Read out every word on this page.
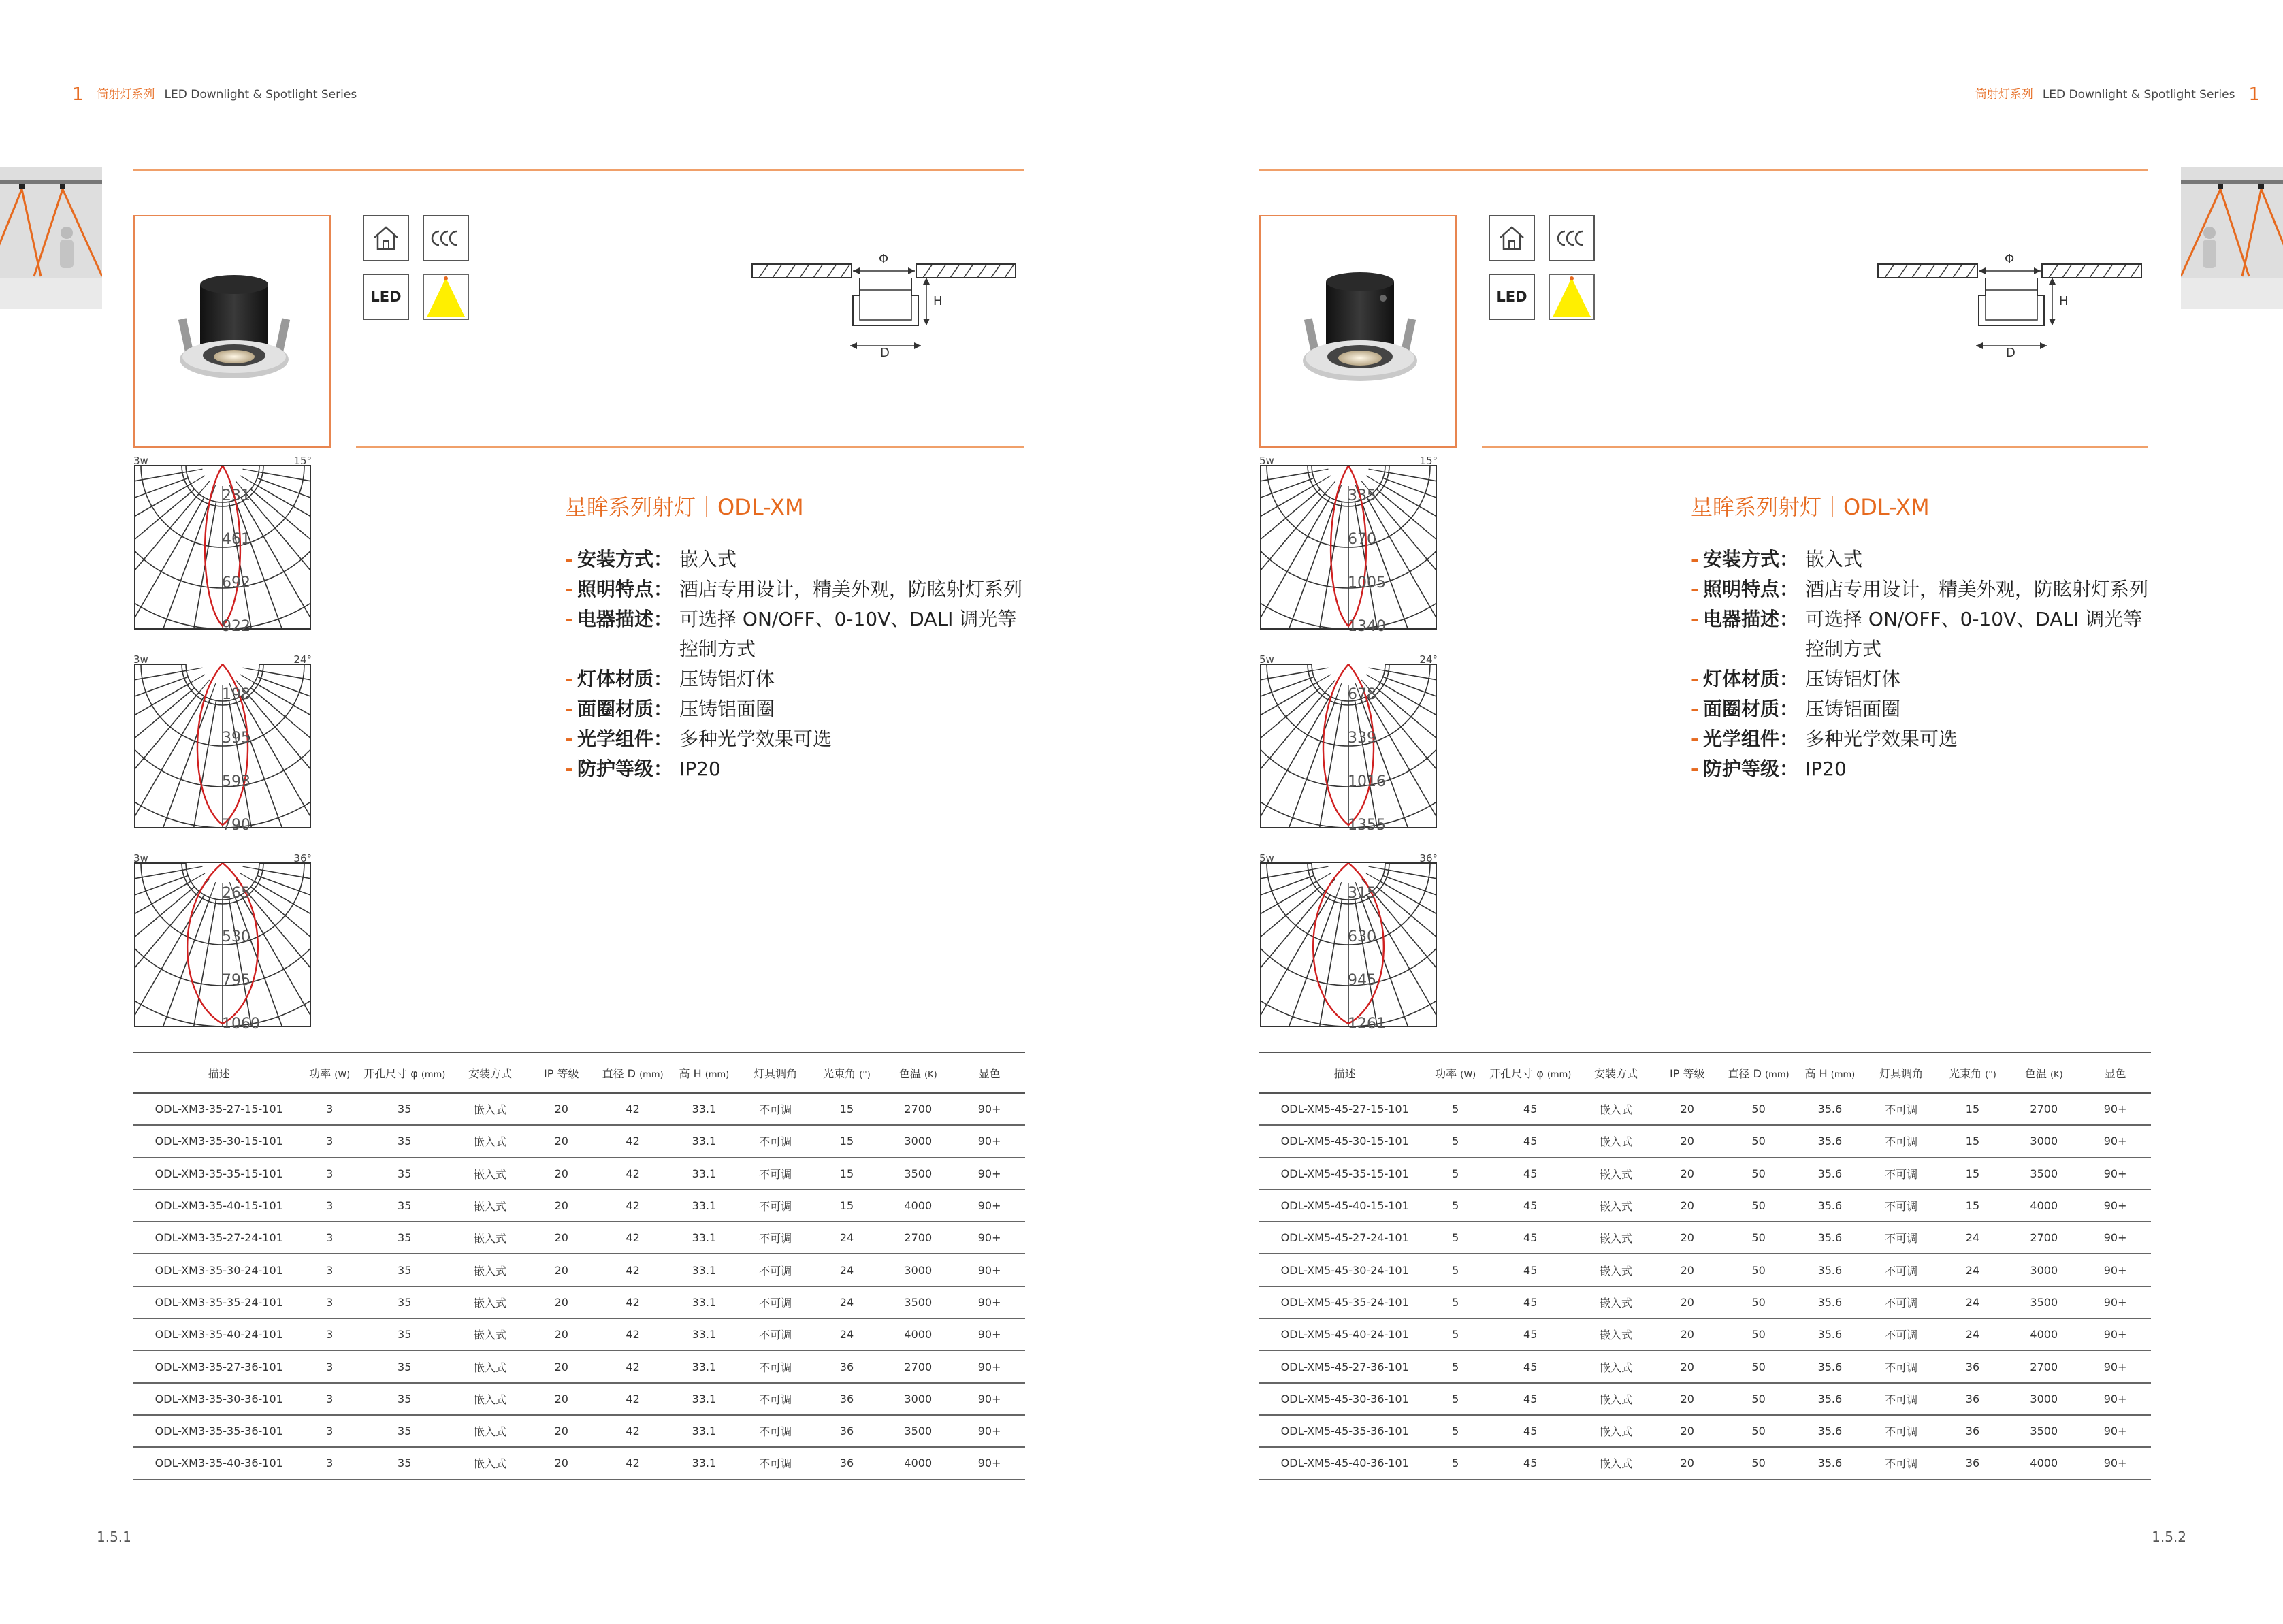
1 筒射灯系列 LED Downlight & Spotlight Series
LED
Φ
H
D
3w	15°
231
461
692
922
3w	24°
198
395
593
790
3w	36°
265
530
795
1060
星眸系列射灯｜ODL-XM
- 安装方式： 嵌入式
- 照明特点： 酒店专用设计，精美外观，防眩射灯系列
- 电器描述： 可选择 ON/OFF、0-10V、DALI 调光等控制方式
- 灯体材质： 压铸铝灯体
- 面圈材质： 压铸铝面圈
- 光学组件： 多种光学效果可选
- 防护等级： IP20
描述	功率 (W)	开孔尺寸 φ (mm)	安装方式	IP 等级	直径 D (mm)	高 H (mm)	灯具调角	光束角 (°)	色温 (K)	显色
ODL-XM3-35-27-15-101	3	35	嵌入式	20	42	33.1	不可调	15	2700	90+
ODL-XM3-35-30-15-101	3	35	嵌入式	20	42	33.1	不可调	15	3000	90+
ODL-XM3-35-35-15-101	3	35	嵌入式	20	42	33.1	不可调	15	3500	90+
ODL-XM3-35-40-15-101	3	35	嵌入式	20	42	33.1	不可调	15	4000	90+
ODL-XM3-35-27-24-101	3	35	嵌入式	20	42	33.1	不可调	24	2700	90+
ODL-XM3-35-30-24-101	3	35	嵌入式	20	42	33.1	不可调	24	3000	90+
ODL-XM3-35-35-24-101	3	35	嵌入式	20	42	33.1	不可调	24	3500	90+
ODL-XM3-35-40-24-101	3	35	嵌入式	20	42	33.1	不可调	24	4000	90+
ODL-XM3-35-27-36-101	3	35	嵌入式	20	42	33.1	不可调	36	2700	90+
ODL-XM3-35-30-36-101	3	35	嵌入式	20	42	33.1	不可调	36	3000	90+
ODL-XM3-35-35-36-101	3	35	嵌入式	20	42	33.1	不可调	36	3500	90+
ODL-XM3-35-40-36-101	3	35	嵌入式	20	42	33.1	不可调	36	4000	90+
1.5.1
筒射灯系列 LED Downlight & Spotlight Series 1
LED
Φ
H
D
5w	15°
335
670
1005
1340
5w	24°
678
339
1016
1355
5w	36°
315
630
945
1261
星眸系列射灯｜ODL-XM
- 安装方式： 嵌入式
- 照明特点： 酒店专用设计，精美外观，防眩射灯系列
- 电器描述： 可选择 ON/OFF、0-10V、DALI 调光等控制方式
- 灯体材质： 压铸铝灯体
- 面圈材质： 压铸铝面圈
- 光学组件： 多种光学效果可选
- 防护等级： IP20
描述	功率 (W)	开孔尺寸 φ (mm)	安装方式	IP 等级	直径 D (mm)	高 H (mm)	灯具调角	光束角 (°)	色温 (K)	显色
ODL-XM5-45-27-15-101	5	45	嵌入式	20	50	35.6	不可调	15	2700	90+
ODL-XM5-45-30-15-101	5	45	嵌入式	20	50	35.6	不可调	15	3000	90+
ODL-XM5-45-35-15-101	5	45	嵌入式	20	50	35.6	不可调	15	3500	90+
ODL-XM5-45-40-15-101	5	45	嵌入式	20	50	35.6	不可调	15	4000	90+
ODL-XM5-45-27-24-101	5	45	嵌入式	20	50	35.6	不可调	24	2700	90+
ODL-XM5-45-30-24-101	5	45	嵌入式	20	50	35.6	不可调	24	3000	90+
ODL-XM5-45-35-24-101	5	45	嵌入式	20	50	35.6	不可调	24	3500	90+
ODL-XM5-45-40-24-101	5	45	嵌入式	20	50	35.6	不可调	24	4000	90+
ODL-XM5-45-27-36-101	5	45	嵌入式	20	50	35.6	不可调	36	2700	90+
ODL-XM5-45-30-36-101	5	45	嵌入式	20	50	35.6	不可调	36	3000	90+
ODL-XM5-45-35-36-101	5	45	嵌入式	20	50	35.6	不可调	36	3500	90+
ODL-XM5-45-40-36-101	5	45	嵌入式	20	50	35.6	不可调	36	4000	90+
1.5.2
